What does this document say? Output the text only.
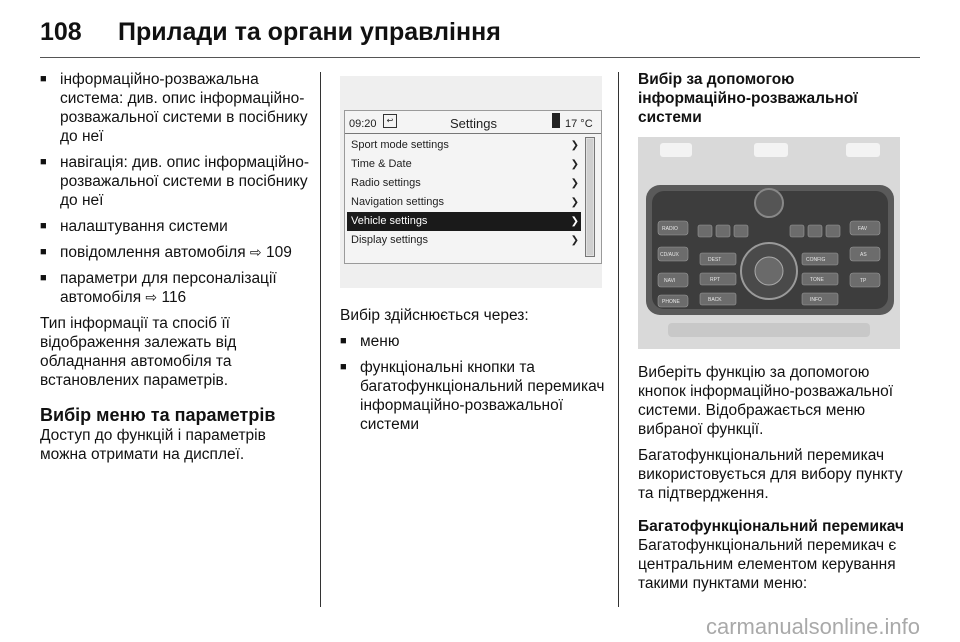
108 Прилади та органи управління
■ інформаційно-розважальна система: див. опис інформаційно-розважальної системи в посібнику до неї
■ навігація: див. опис інформаційно-розважальної системи в посібнику до неї
■ налаштування системи
■ повідомлення автомобіля ⇨ 109
■ параметри для персоналізації автомобіля ⇨ 116

Тип інформації та спосіб її відображення залежать від обладнання автомобіля та встановлених параметрів.

Вибір меню та параметрів

Доступ до функцій і параметрів можна отримати на дисплеї.

09:20	↩	Settings	17 °C
Sport mode settings	❯
Time & Date	❯
Radio settings	❯
Navigation settings	❯
Vehicle settings	❯
Display settings	❯

Вибір здійснюється через:

■ меню
■ функціональні кнопки та багатофункціональний перемикач інформаційно-розважальної системи
Вибір за допомогою інформаційно-розважальної системи
RADIO
CD/AUX
NAVI
PHONE
FAV
AS
TP
DEST	CONFIG
RPT	TONE
BACK	INFO

Виберіть функцію за допомогою кнопок інформаційно-розважальної системи. Відображається меню вибраної функції.

Багатофункціональний перемикач використовується для вибору пункту та підтвердження.

Багатофункціональний перемикач

Багатофункціональний перемикач є центральним елементом керування такими пунктами меню:

carmanualsonline.info
